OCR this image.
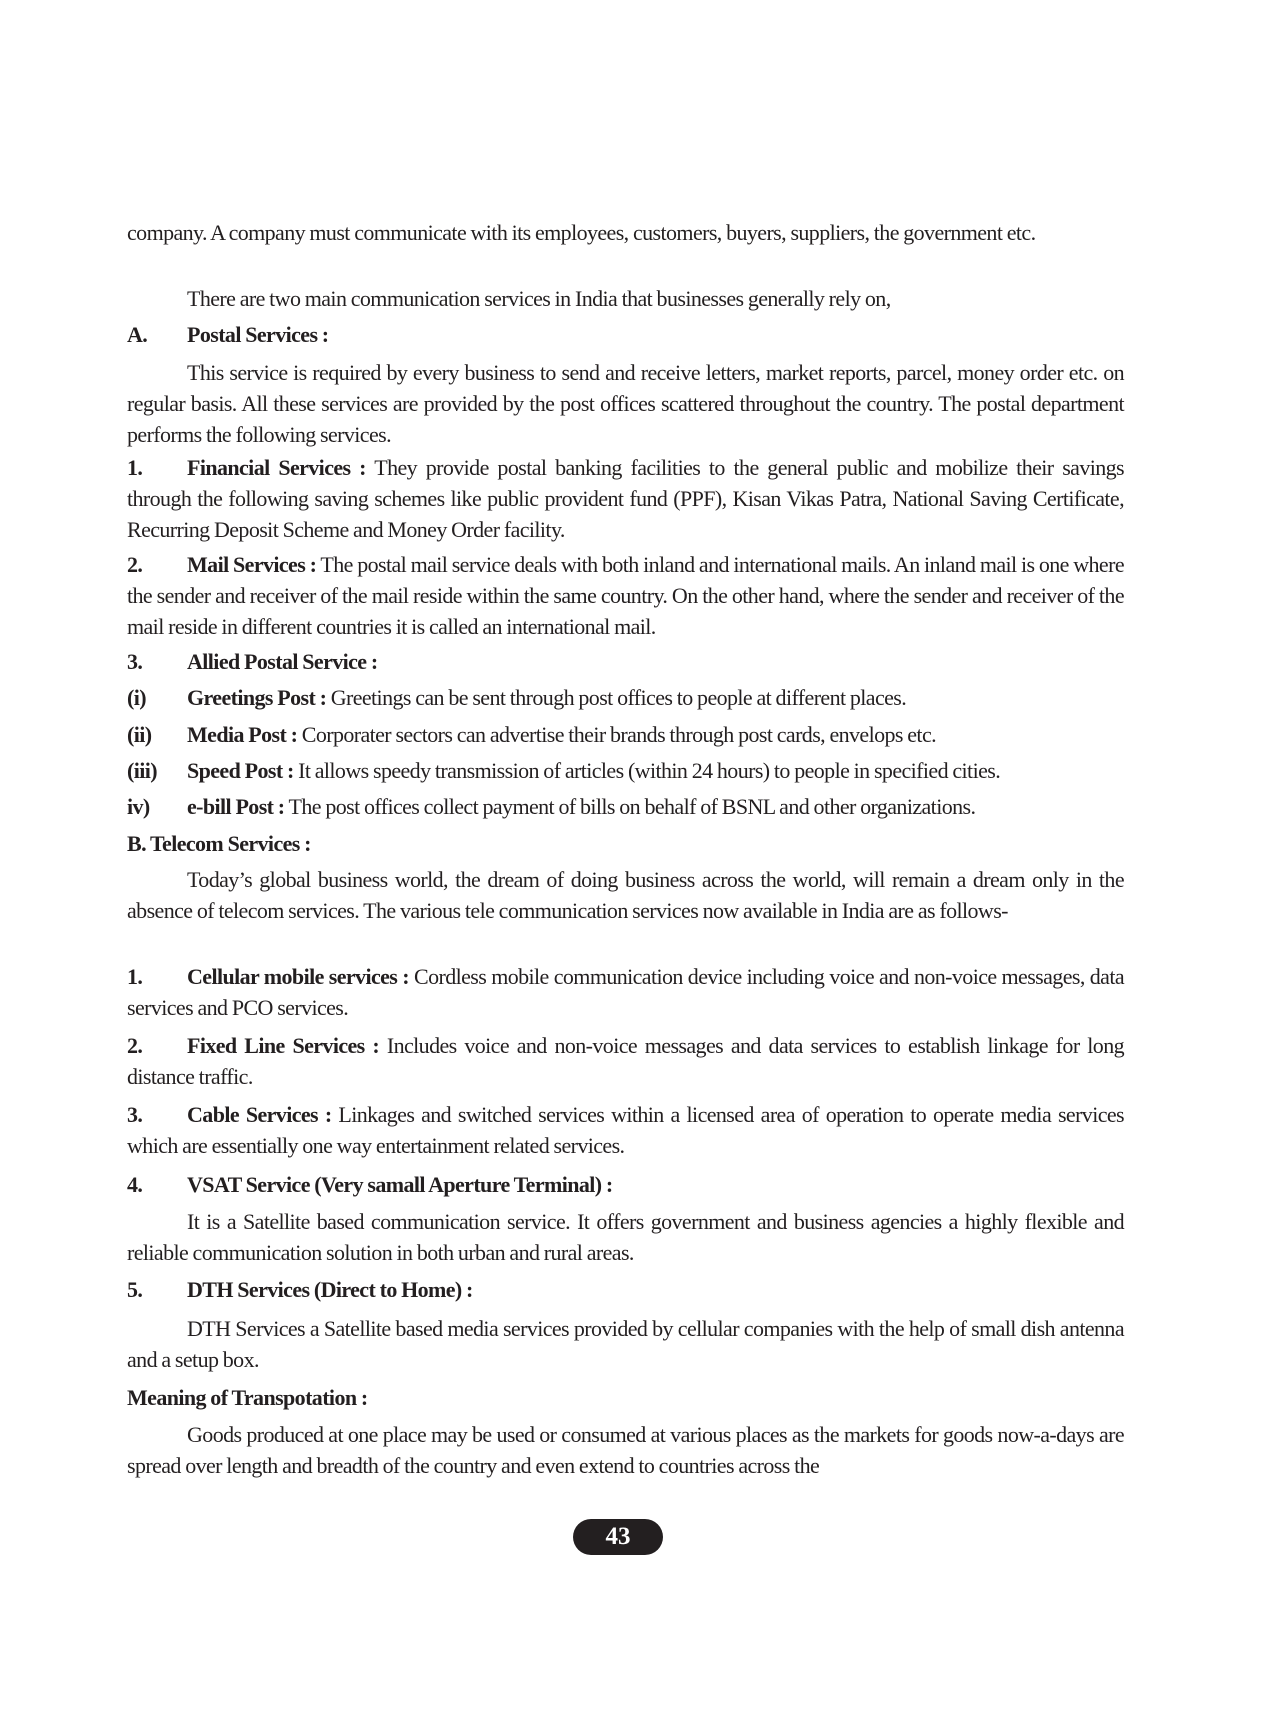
company. A company must communicate with its employees, customers, buyers, suppliers, the government etc.
There are two main communication services in India that businesses generally rely on,
A. Postal Services :
This service is required by every business to send and receive letters, market reports, parcel, money order etc. on regular basis. All these services are provided by the post offices scattered throughout the country. The postal department performs the following services.
1. Financial Services : They provide postal banking facilities to the general public and mobilize their savings through the following saving schemes like public provident fund (PPF), Kisan Vikas Patra, National Saving Certificate, Recurring Deposit Scheme and Money Order facility.
2. Mail Services : The postal mail service deals with both inland and international mails. An inland mail is one where the sender and receiver of the mail reside within the same country. On the other hand, where the sender and receiver of the mail reside in different countries it is called an international mail.
3. Allied Postal Service :
(i) Greetings Post : Greetings can be sent through post offices to people at different places.
(ii) Media Post : Corporater sectors can advertise their brands through post cards, envelops etc.
(iii) Speed Post : It allows speedy transmission of articles (within 24 hours) to people in specified cities.
iv) e-bill Post : The post offices collect payment of bills on behalf of BSNL and other organizations.
B. Telecom Services :
Today’s global business world, the dream of doing business across the world, will remain a dream only in the absence of telecom services. The various tele communication services now available in India are as follows-
1. Cellular mobile services : Cordless mobile communication device including voice and non-voice messages, data services and PCO services.
2. Fixed Line Services : Includes voice and non-voice messages and data services to establish linkage for long distance traffic.
3. Cable Services : Linkages and switched services within a licensed area of operation to operate media services which are essentially one way entertainment related services.
4. VSAT Service (Very samall Aperture Terminal) :
It is a Satellite based communication service. It offers government and business agencies a highly flexible and reliable communication solution in both urban and rural areas.
5. DTH Services (Direct to Home) :
DTH Services a Satellite based media services provided by cellular companies with the help of small dish antenna and a setup box.
Meaning of Transpotation :
Goods produced at one place may be used or consumed at various places as the markets for goods now-a-days are spread over length and breadth of the country and even extend to countries across the
43
